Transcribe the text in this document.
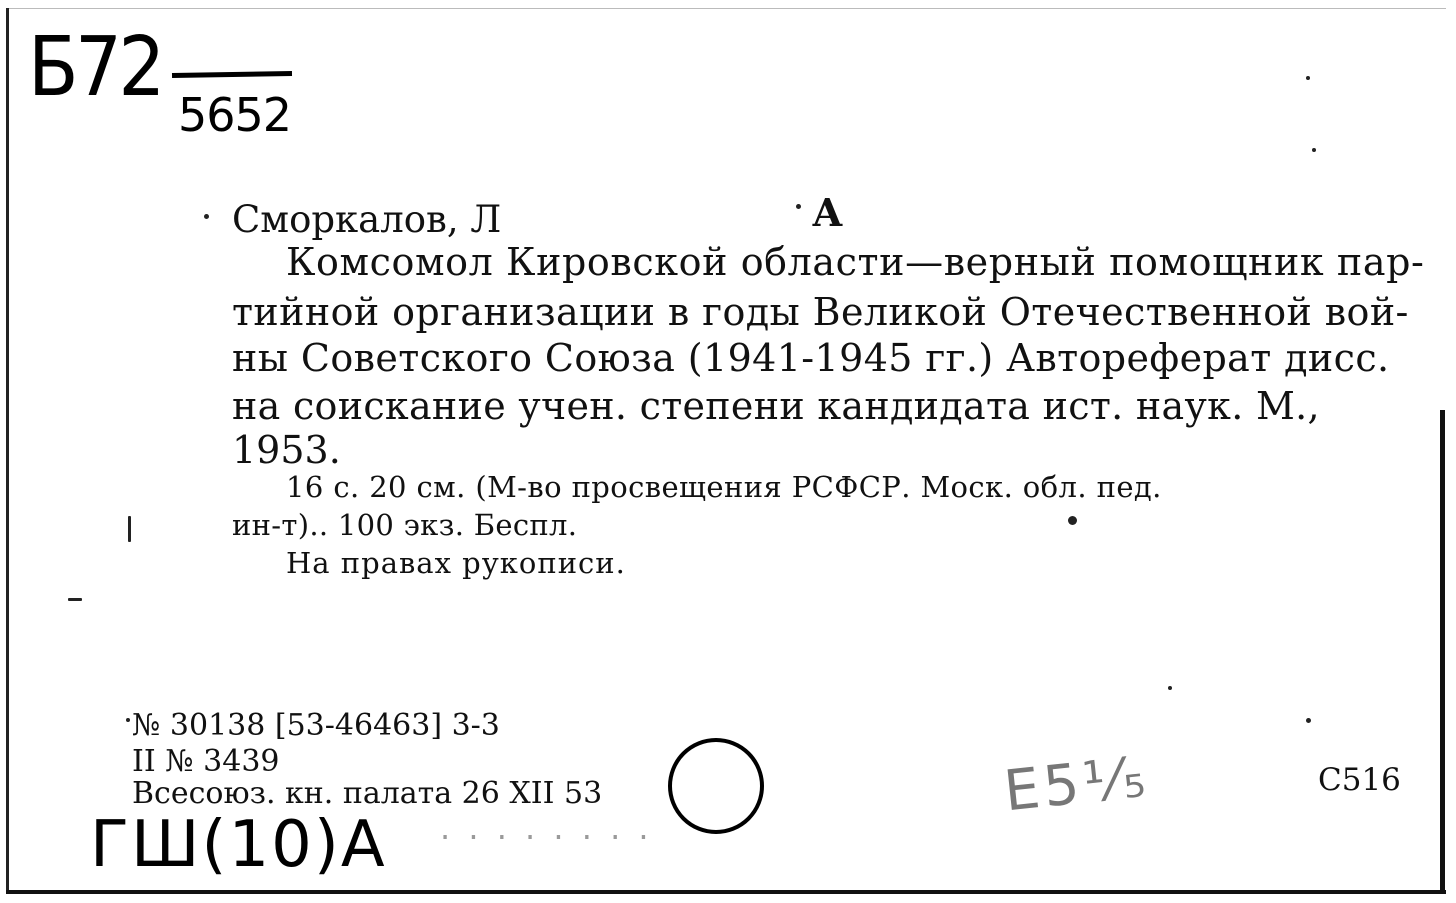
Б72 5652
Сморкалов, Л	А
Комсомол Кировской области—верный помощник пар-
тийной организации в годы Великой Отечественной вой-
ны Советского Союза (1941-1945 гг.) Автореферат дисс.
на соискание учен. степени кандидата ист. наук. М.,
1953.
16 с. 20 см. (М-во просвещения РСФСР. Моск. обл. пед.
ин-т).. 100 экз. Беспл.
На правах рукописи.
№ 30138 [53-46463] 3-3
II № 3439
Всесоюз. кн. палата 26 XII 53	С516
ГШ(10)А · · · · · · · ·
E5¹⁄₅
